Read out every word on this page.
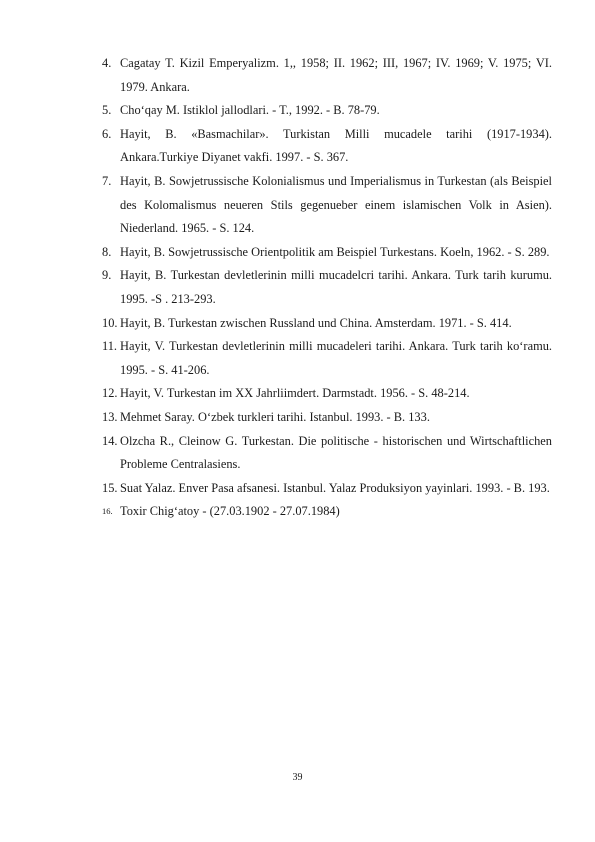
4. Cagatay T. Kizil Emperyalizm. 1,, 1958; II. 1962; III, 1967; IV. 1969; V. 1975; VI. 1979. Ankara.
5. Cho‘qay M. Istiklol jallodlari. - T., 1992. - B. 78-79.
6. Hayit, B. «Basmachilar». Turkistan Milli mucadele tarihi (1917-1934). Ankara.Turkiye Diyanet vakfi. 1997. - S. 367.
7. Hayit, B. Sowjetrussische Kolonialismus und Imperialismus in Turkestan (als Beispiel des Kolomalismus neueren Stils gegenueber einem islamischen Volk in Asien). Niederland. 1965. - S. 124.
8. Hayit, B. Sowjetrussische Orientpolitik am Beispiel Turkestans. Koeln, 1962. - S. 289.
9. Hayit, B. Turkestan devletlerinin milli mucadelcri tarihi. Ankara. Turk tarih kurumu. 1995. -S . 213-293.
10. Hayit, B. Turkestan zwischen Russland und China. Amsterdam. 1971. - S. 414.
11. Hayit, V. Turkestan devletlerinin milli mucadeleri tarihi. Ankara. Turk tarih ko‘ramu. 1995. - S. 41-206.
12. Hayit, V. Turkestan im XX Jahrliimdert. Darmstadt. 1956. - S. 48-214.
13. Mehmet Saray. O‘zbek turkleri tarihi. Istanbul. 1993. - B. 133.
14. Olzcha R., Cleinow G. Turkestan. Die politische - historischen und Wirtschaftlichen Probleme Centralasiens.
15. Suat Yalaz. Enver Pasa afsanesi. Istanbul. Yalaz Produksiyon yayinlari. 1993. - B. 193.
16. Toxir Chig‘atoy - (27.03.1902 - 27.07.1984)
39
